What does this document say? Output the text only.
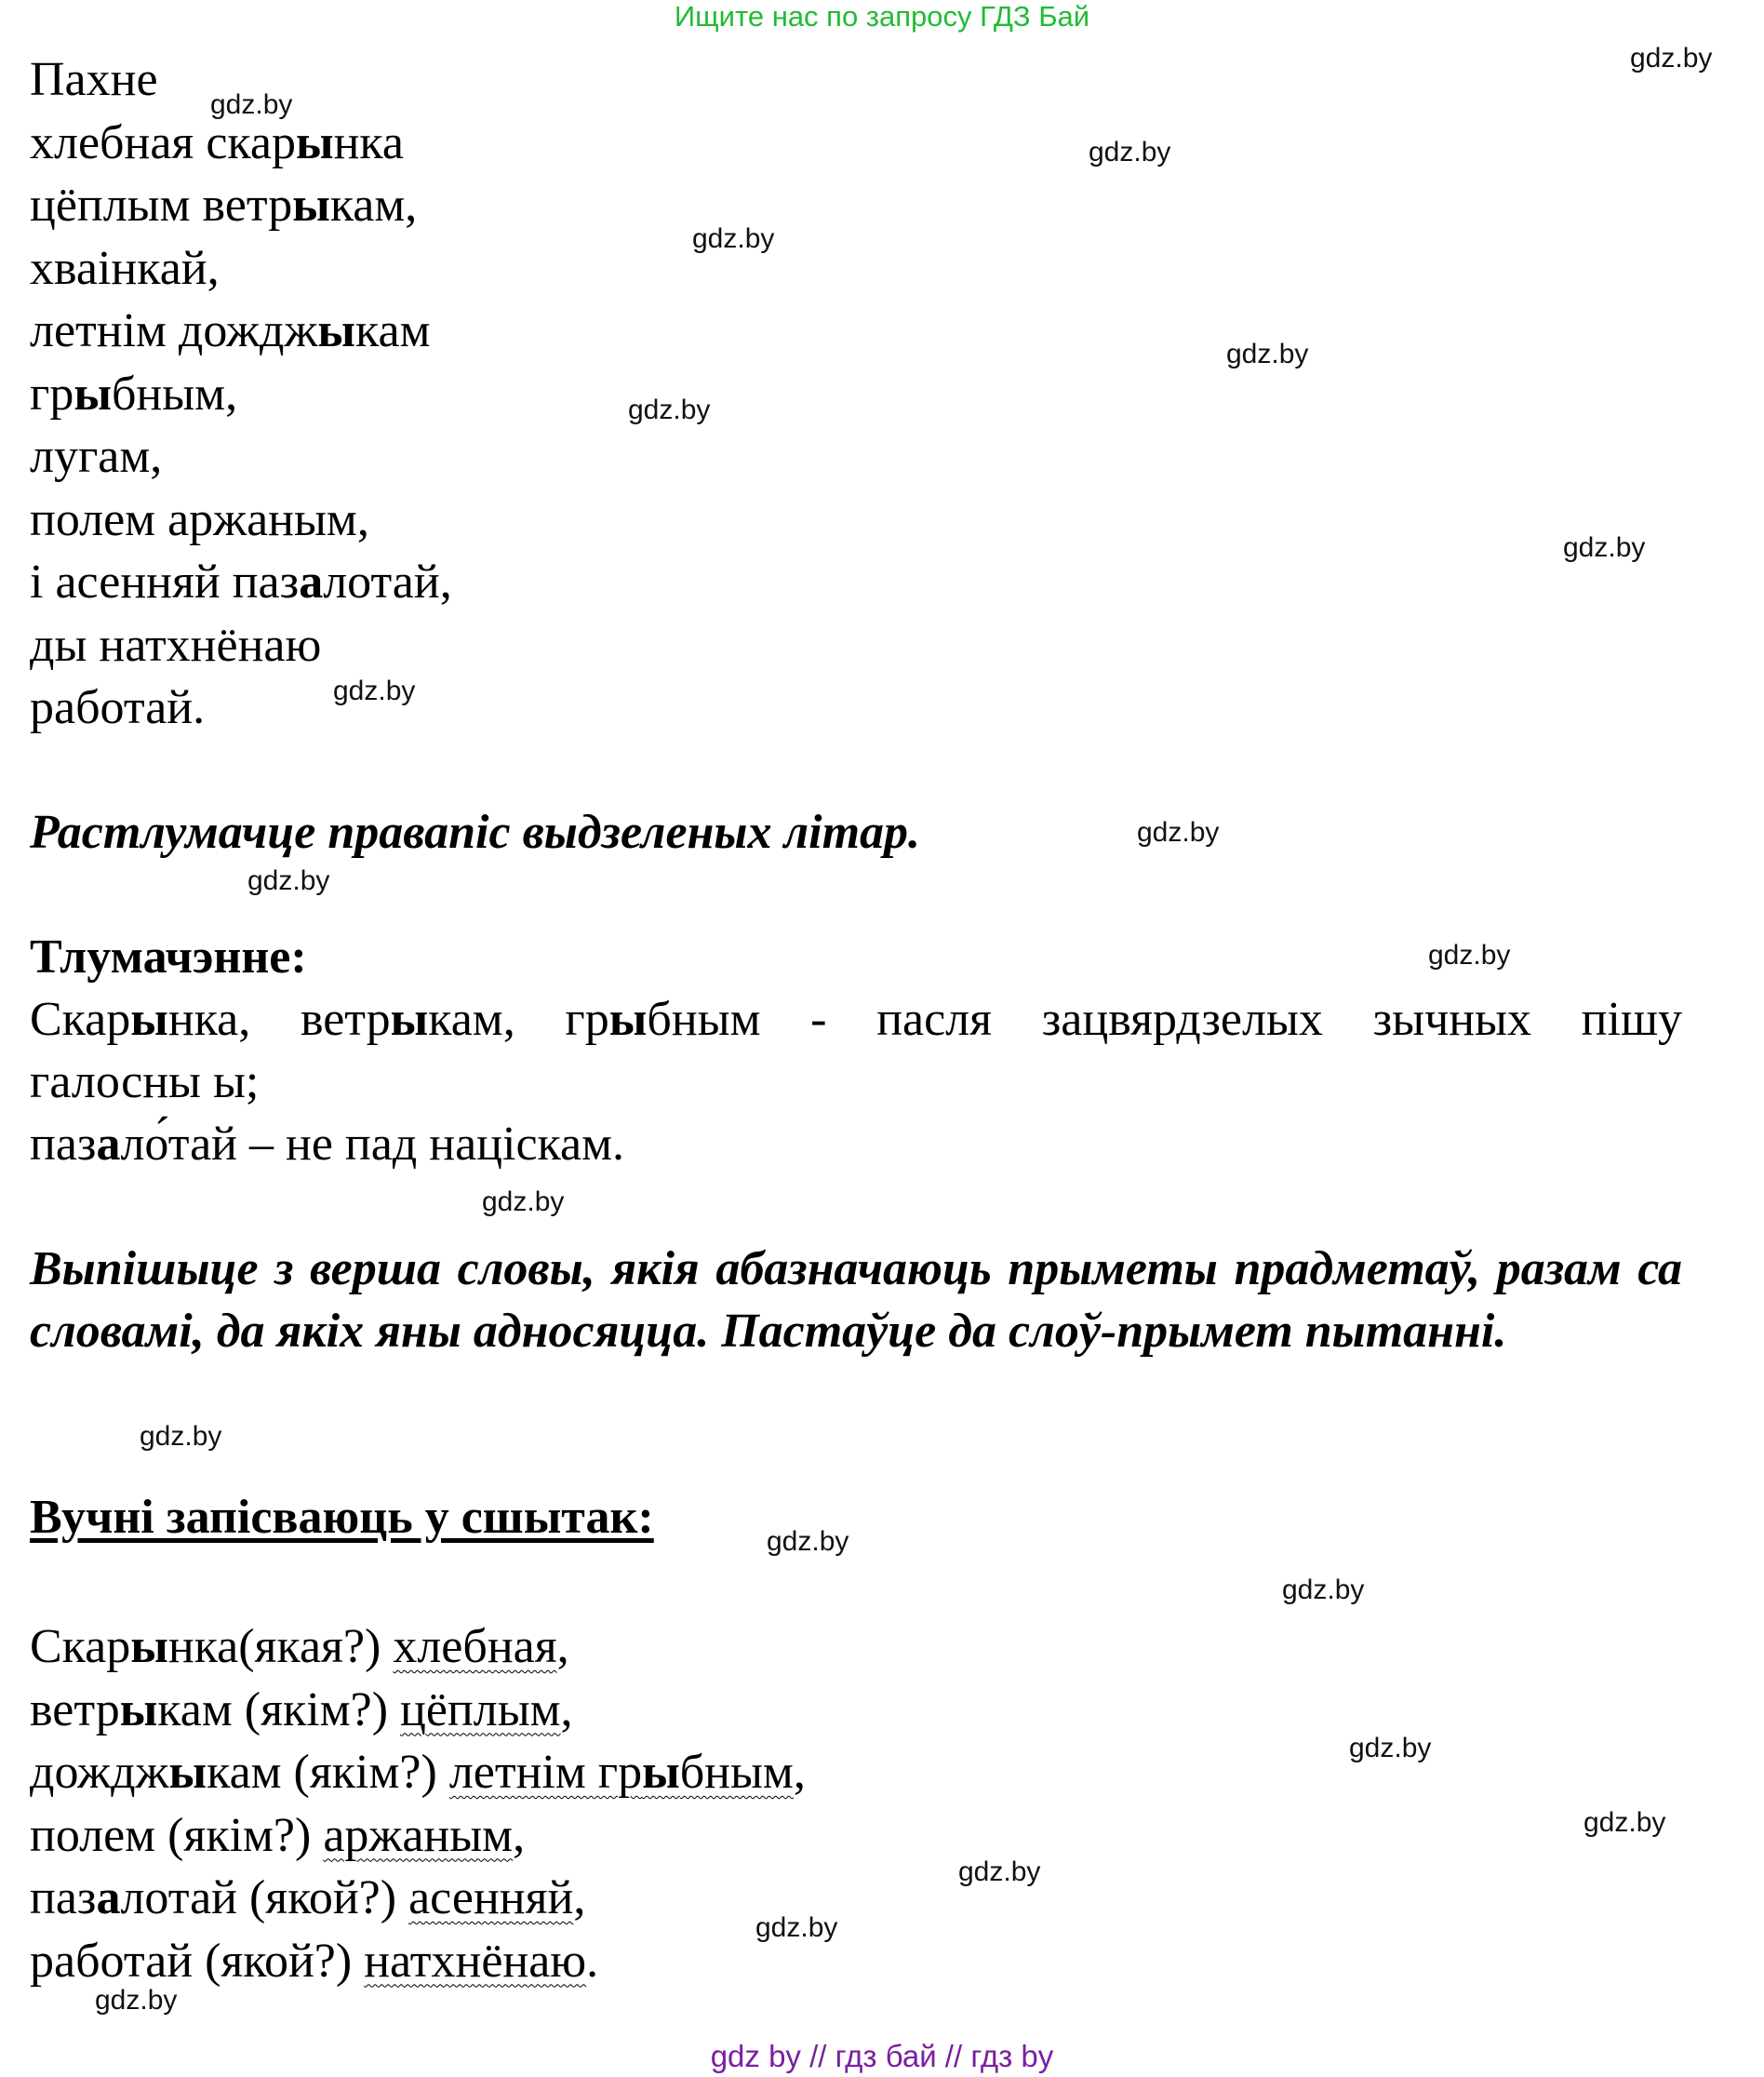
Ищите нас по запросу ГДЗ Бай
gdz.by
gdz.by
gdz.by
gdz.by
gdz.by
gdz.by
gdz.by
gdz.by
gdz.by
gdz.by
gdz.by
gdz.by
gdz.by
gdz.by
gdz.by
gdz.by
gdz.by
gdz.by
gdz.by
gdz.by
Пахне
хлебная скарынка
цёплым ветрыкам,
хваінкай,
летнім дожджыкам
грыбным,
лугам,
полем аржаным,
і асенняй пазалотай,
ды натхнёнаю
работай.
Растлумачце правапіс выдзеленых літар.
Тлумачэнне:
Скарынка, ветрыкам, грыбным - пасля зацвярдзелых зычных пішу
галосны ы;
пазало́тай – не пад націскам.
Выпішыце з верша словы, якія абазначаюць прыметы прадметаў, разам са словамі, да якіх яны адносяцца. Пастаўце да слоў-прымет пытанні.
Вучні запісваюць у сшытак:
Скарынка(якая?) хлебная,
ветрыкам (якім?) цёплым,
дожджыкам (якім?) летнім грыбным,
полем (якім?) аржаным,
пазалотай (якой?) асенняй,
работай (якой?) натхнёнаю.
gdz by // гдз бай // гдз by
